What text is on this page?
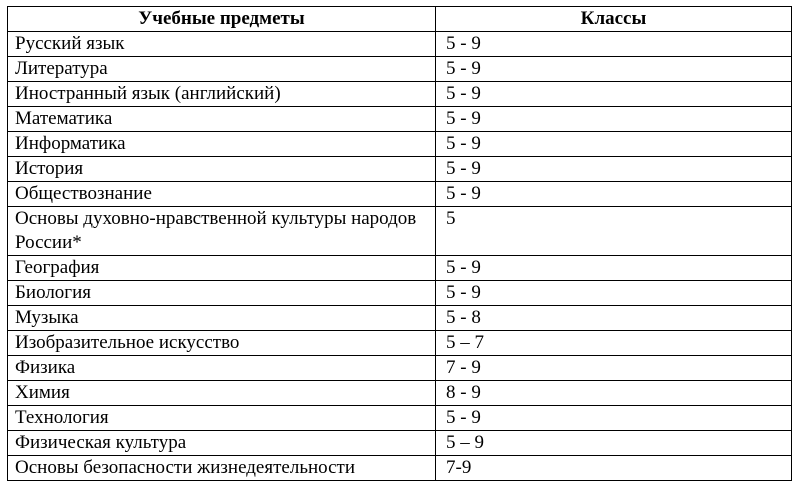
Учебные предметы	Классы
Русский язык	5 - 9
Литература	5 - 9
Иностранный язык (английский)	5 - 9
Математика	5 - 9
Информатика	5 - 9
История	5 - 9
Обществознание	5 - 9
Основы духовно-нравственной культуры народов России*	5
География	5 - 9
Биология	5 - 9
Музыка	5 - 8
Изобразительное искусство	5 – 7
Физика	7 - 9
Химия	8 - 9
Технология	5 - 9
Физическая культура	5 – 9
Основы безопасности жизнедеятельности	7-9
